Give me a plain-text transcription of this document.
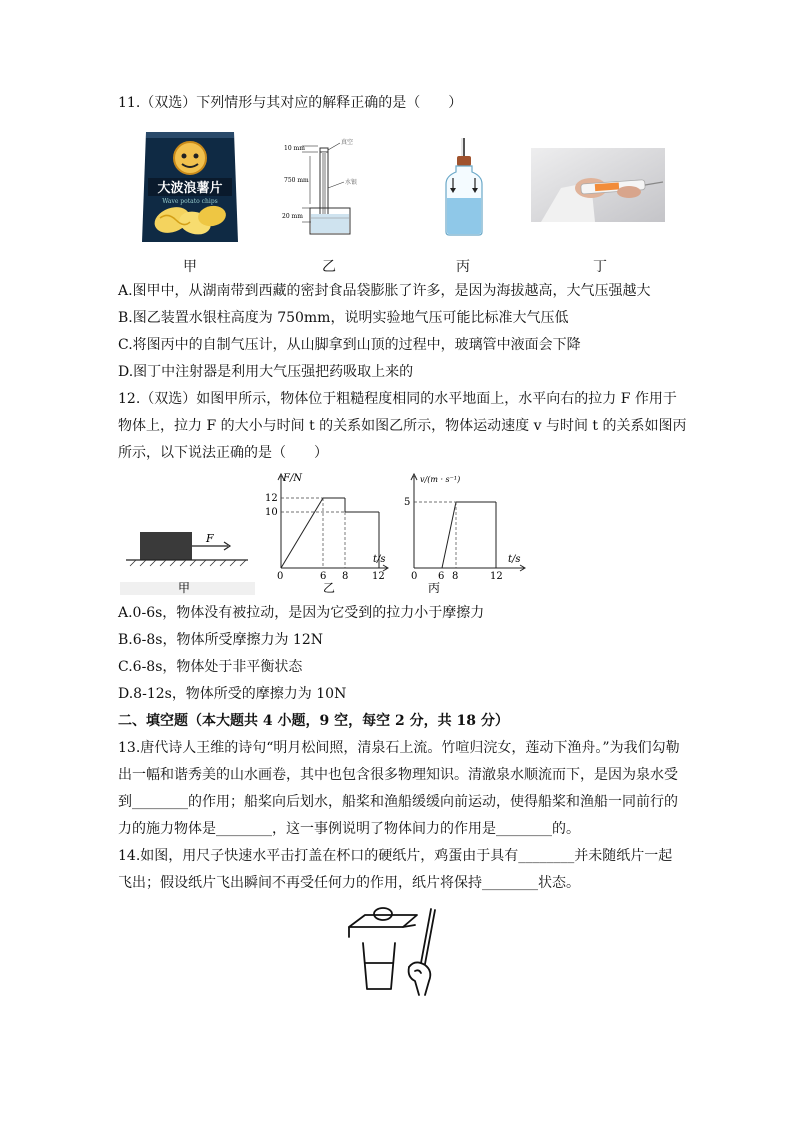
11.（双选）下列情形与其对应的解释正确的是（　　）
大波浪薯片
Wave potato chips
10 mm
750 mm
20 mm
真空
水银
甲	乙	丙	丁
A.图甲中，从湖南带到西藏的密封食品袋膨胀了许多，是因为海拔越高，大气压强越大
B.图乙装置水银柱高度为 750mm，说明实验地气压可能比标准大气压低
C.将图丙中的自制气压计，从山脚拿到山顶的过程中，玻璃管中液面会下降
D.图丁中注射器是利用大气压强把药吸取上来的
12.（双选）如图甲所示，物体位于粗糙程度相同的水平地面上，水平向右的拉力 F 作用于
物体上，拉力 F 的大小与时间 t 的关系如图乙所示，物体运动速度 v 与时间 t 的关系如图丙
所示，以下说法正确的是（　　）
F
甲
F/N
t/s
12
10
0	6 8 12
乙
v/(m · s⁻¹)
t/s
5
0 6 8	12
丙
A.0-6s，物体没有被拉动，是因为它受到的拉力小于摩擦力
B.6-8s，物体所受摩擦力为 12N
C.6-8s，物体处于非平衡状态
D.8-12s，物体所受的摩擦力为 10N
二、填空题（本大题共 4 小题，9 空，每空 2 分，共 18 分）
13.唐代诗人王维的诗句“明月松间照，清泉石上流。竹喧归浣女，莲动下渔舟。”为我们勾勒
出一幅和谐秀美的山水画卷，其中也包含很多物理知识。清澈泉水顺流而下，是因为泉水受
到________的作用；船桨向后划水，船桨和渔船缓缓向前运动，使得船桨和渔船一同前行的
力的施力物体是________，这一事例说明了物体间力的作用是________的。
14.如图，用尺子快速水平击打盖在杯口的硬纸片，鸡蛋由于具有________并未随纸片一起
飞出；假设纸片飞出瞬间不再受任何力的作用，纸片将保持________状态。
